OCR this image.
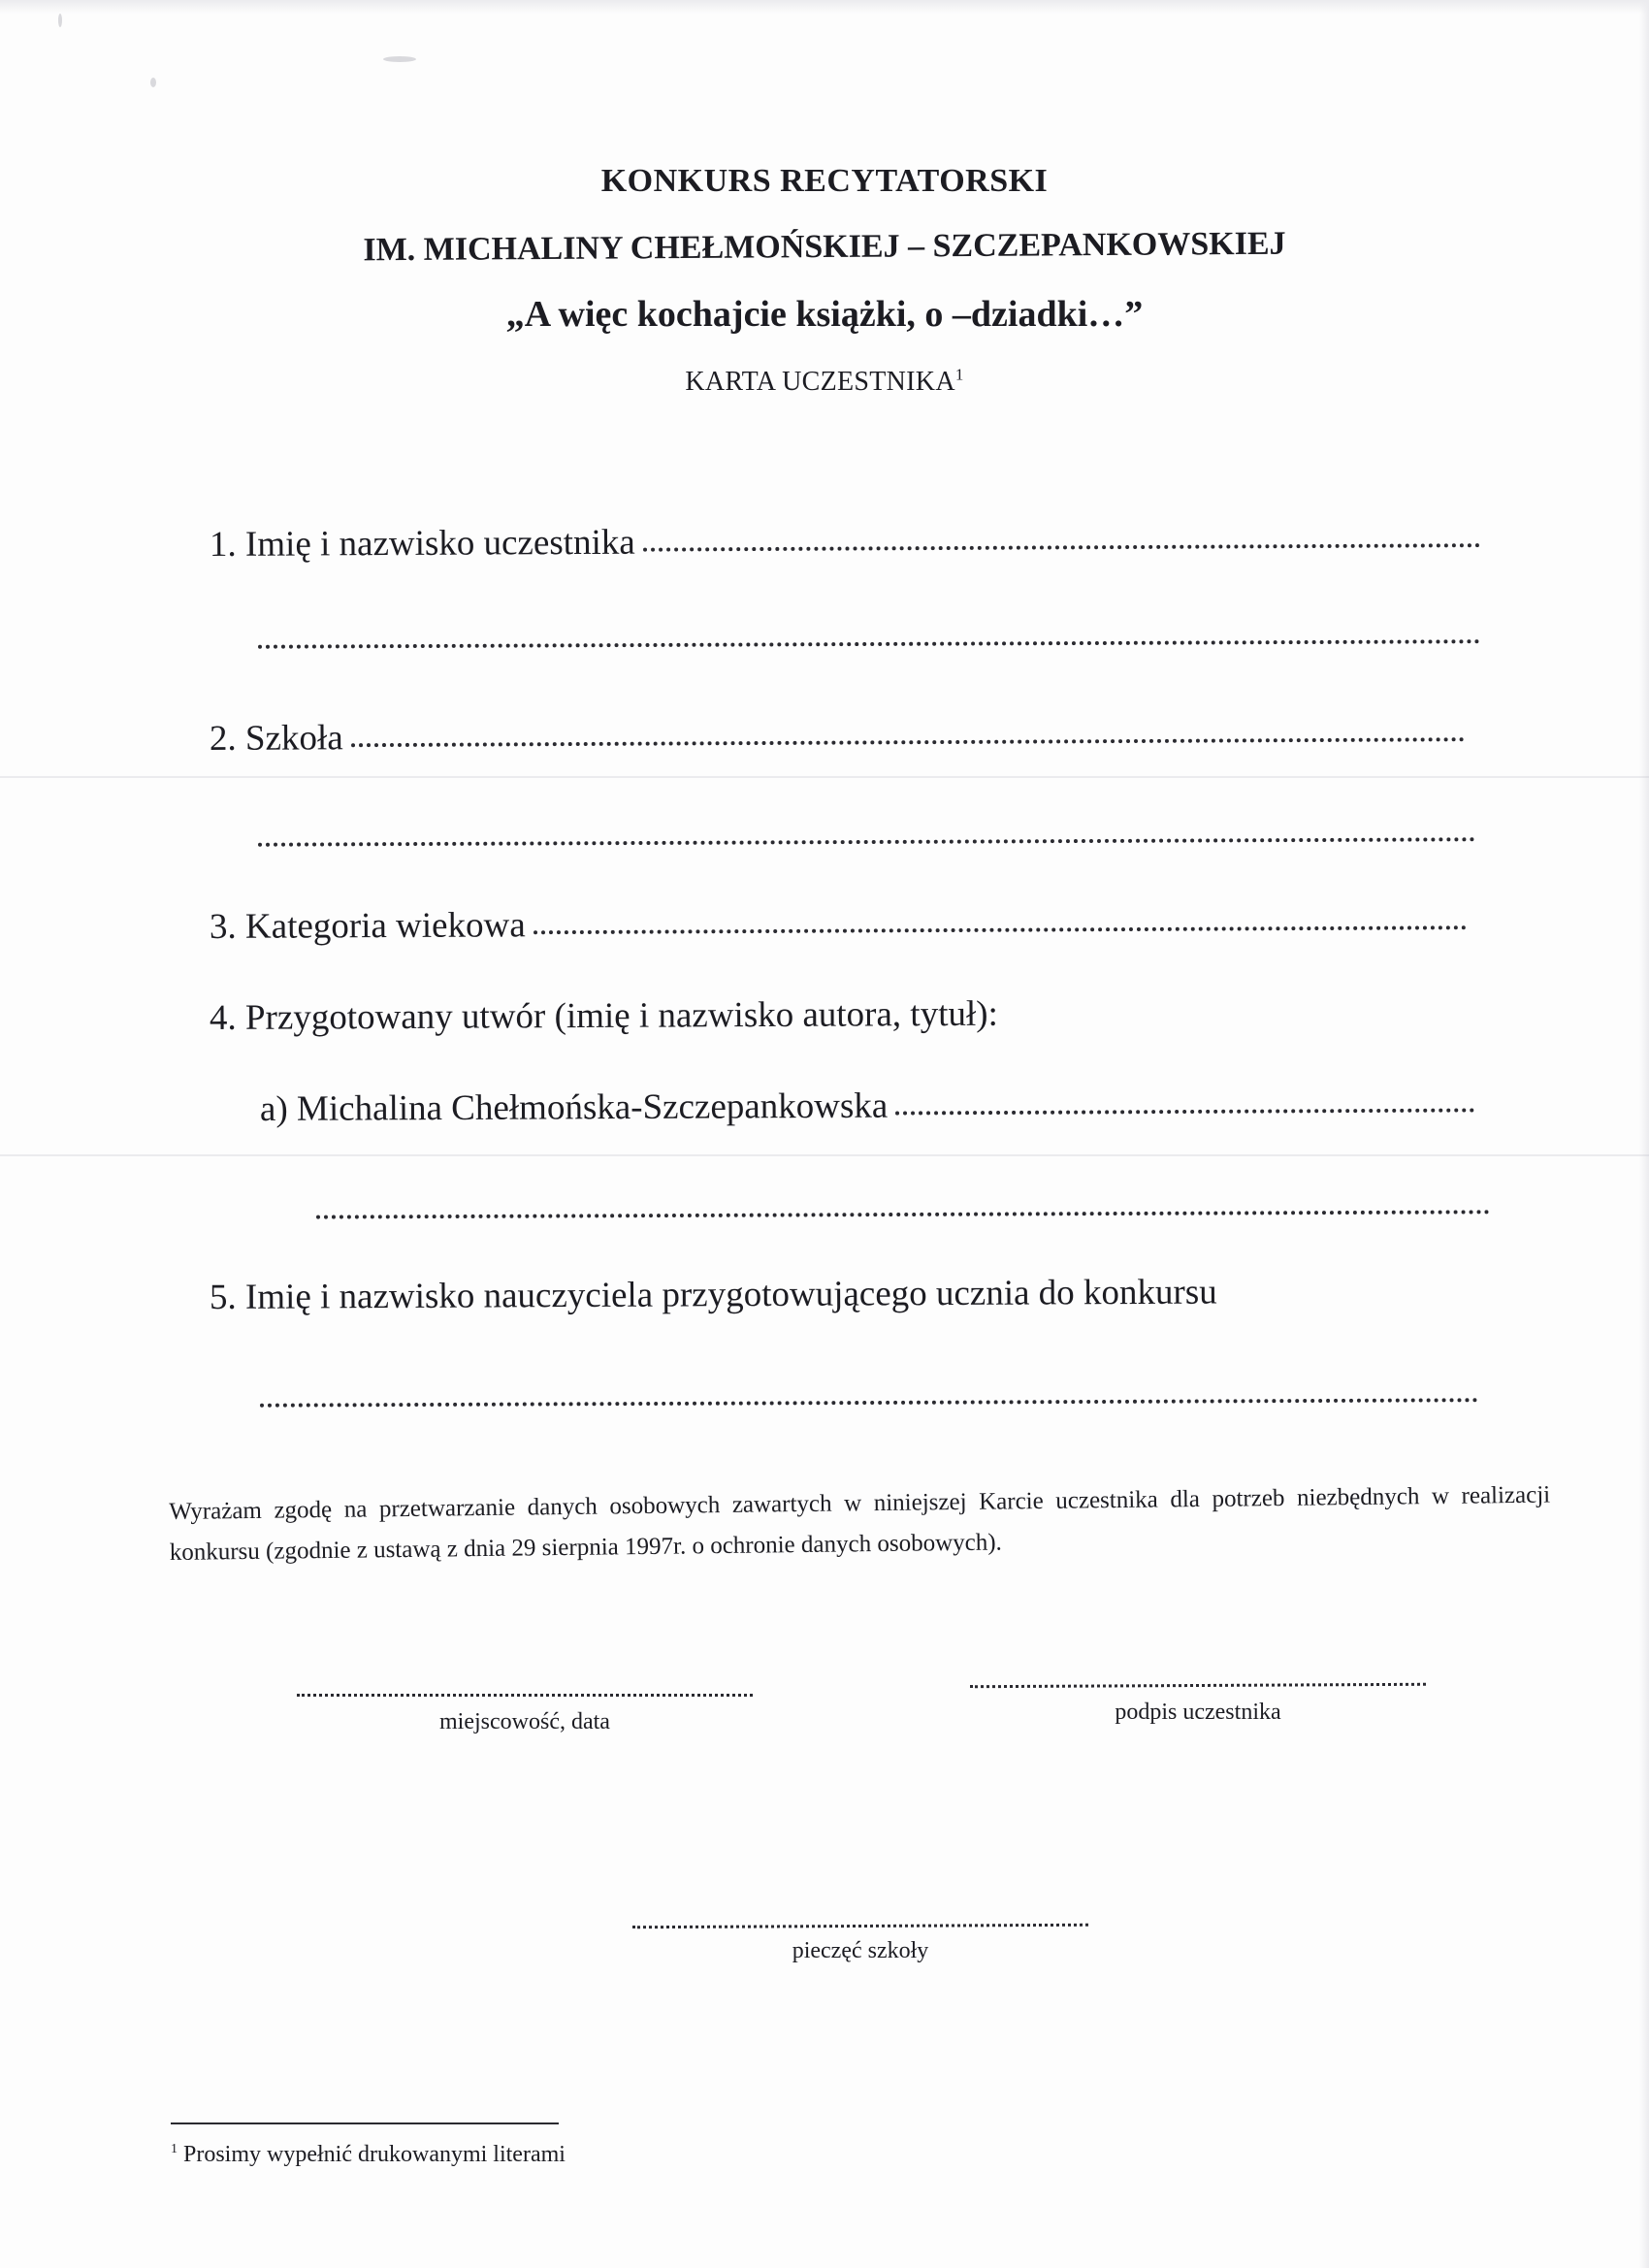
KONKURS RECYTATORSKI
IM. MICHALINY CHEŁMOŃSKIEJ – SZCZEPANKOWSKIEJ
„A więc kochajcie książki, o –dziadki…”
KARTA UCZESTNIKA$^1$
1. Imię i nazwisko uczestnika
2. Szkoła
3. Kategoria wiekowa
4. Przygotowany utwór (imię i nazwisko autora, tytuł):
a) Michalina Chełmońska-Szczepankowska
5. Imię i nazwisko nauczyciela przygotowującego ucznia do konkursu
Wyrażam zgodę na przetwarzanie danych osobowych zawartych w niniejszej Karcie uczestnika dla potrzeb niezbędnych w realizacji konkursu (zgodnie z ustawą z dnia 29 sierpnia 1997r. o ochronie danych osobowych).
miejscowość, data	podpis uczestnika
pieczęć szkoły
$^1$ Prosimy wypełnić drukowanymi literami
